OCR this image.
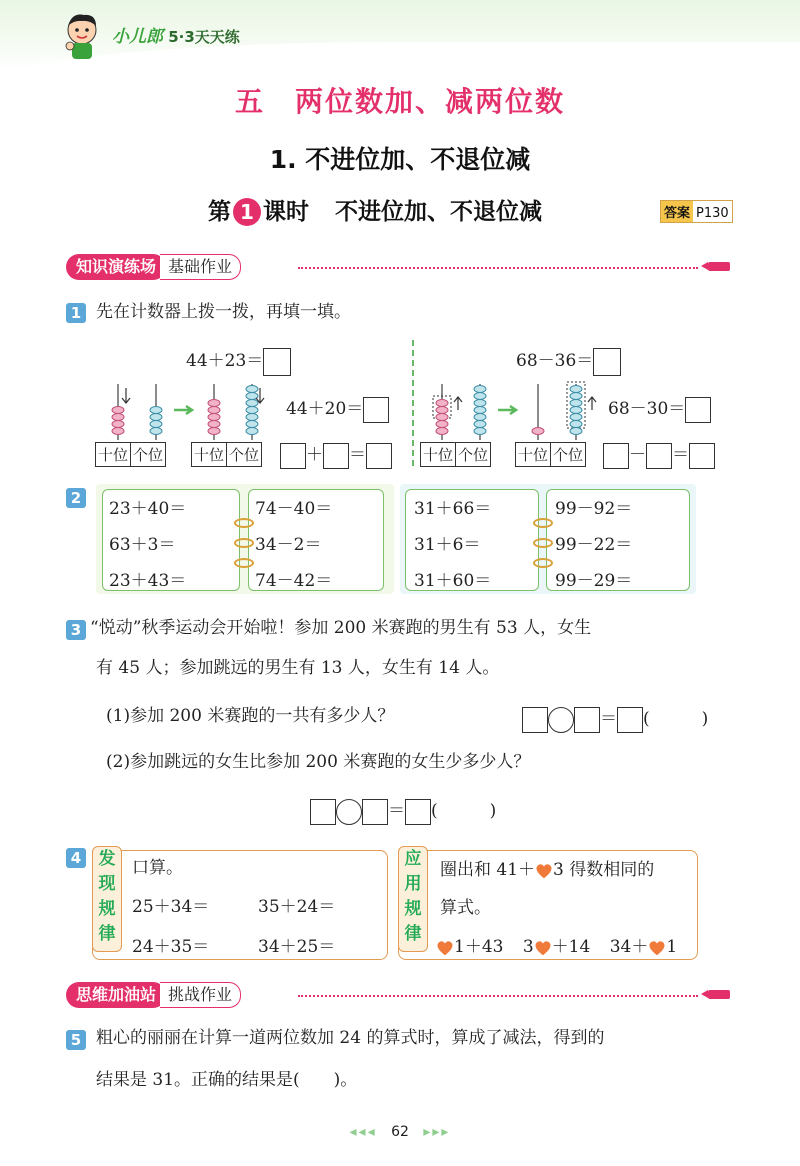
小儿郎 5·3天天练
五 两位数加、减两位数
1. 不进位加、不退位减
第 1 课时 不进位加、不退位减	答案 P130
知识演练场 基础作业
1 先在计数器上拨一拨，再填一填。
44＋23＝	68－36＝
44＋20＝	68－30＝
十位 个位 十位 个位	＋ ＝	十位 个位 十位 个位	－ ＝
2
23＋40＝
63＋3＝
23＋43＝
74－40＝
34－2＝
74－42＝
31＋66＝
31＋6＝
31＋60＝
99－92＝
99－22＝
99－29＝
3 “悦动”秋季运动会开始啦！参加 200 米赛跑的男生有 53 人，女生
有 45 人；参加跳远的男生有 13 人，女生有 14 人。
(1)参加 200 米赛跑的一共有多少人？	＝ (　　)
(2)参加跳远的女生比参加 200 米赛跑的女生少多少人？
＝ (　　)
4	发
现
规
律
口算。
25＋34＝	35＋24＝
24＋35＝	34＋25＝
应
用
规
律
圈出和 41＋ 3 得数相同的
算式。
1＋43 3 ＋14 34＋ 1
思维加油站 挑战作业
5 粗心的丽丽在计算一道两位数加 24 的算式时，算成了减法，得到的
结果是 31。正确的结果是(　　)。
◂◂◂ 62 ▸▸▸
